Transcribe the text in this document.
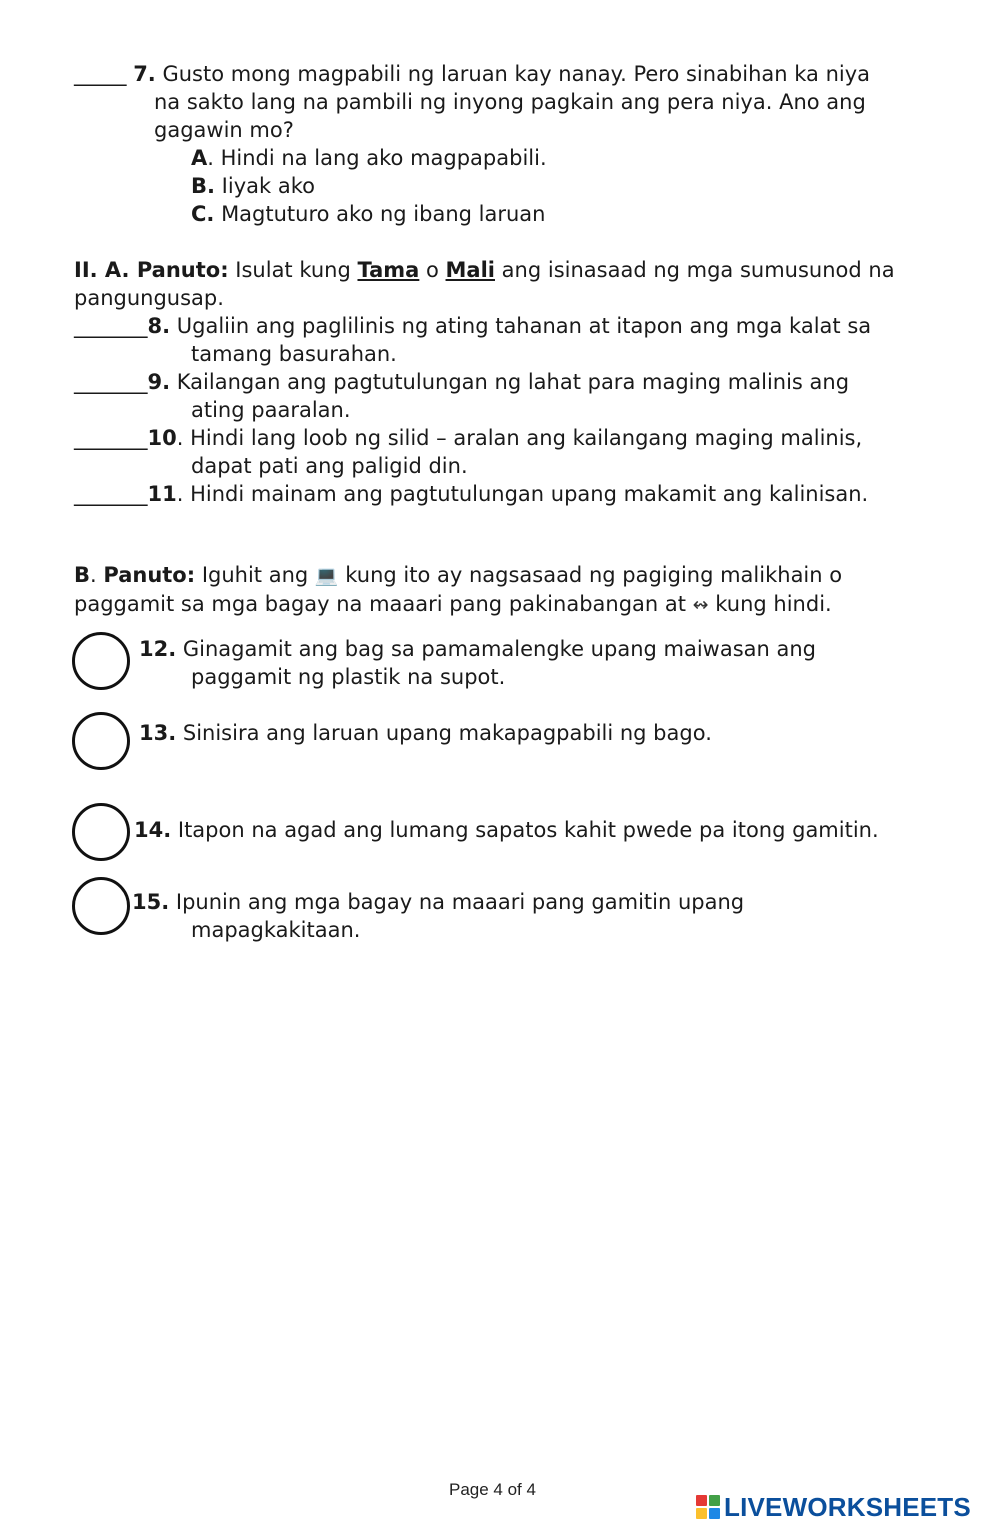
_____ 7. Gusto mong magpabili ng laruan kay nanay. Pero sinabihan ka niya
na sakto lang na pambili ng inyong pagkain ang pera niya. Ano ang
gagawin mo?
A. Hindi na lang ako magpapabili.
B. Iiyak ako
C. Magtuturo ako ng ibang laruan
II. A. Panuto: Isulat kung Tama o Mali ang isinasaad ng mga sumusunod na
pangungusap.
_______8. Ugaliin ang paglilinis ng ating tahanan at itapon ang mga kalat sa
tamang basurahan.
_______9. Kailangan ang pagtutulungan ng lahat para maging malinis ang
ating paaralan.
_______10. Hindi lang loob ng silid – aralan ang kailangang maging malinis,
dapat pati ang paligid din.
_______11. Hindi mainam ang pagtutulungan upang makamit ang kalinisan.
B. Panuto: Iguhit ang 💻 kung ito ay nagsasaad ng pagiging malikhain o
paggamit sa mga bagay na maaari pang pakinabangan at ↭ kung hindi.
12. Ginagamit ang bag sa pamamalengke upang maiwasan ang
paggamit ng plastik na supot.
13. Sinisira ang laruan upang makapagpabili ng bago.
14. Itapon na agad ang lumang sapatos kahit pwede pa itong gamitin.
15. Ipunin ang mga bagay na maaari pang gamitin upang
mapagkakitaan.
Page 4 of 4
LIVEWORKSHEETS
